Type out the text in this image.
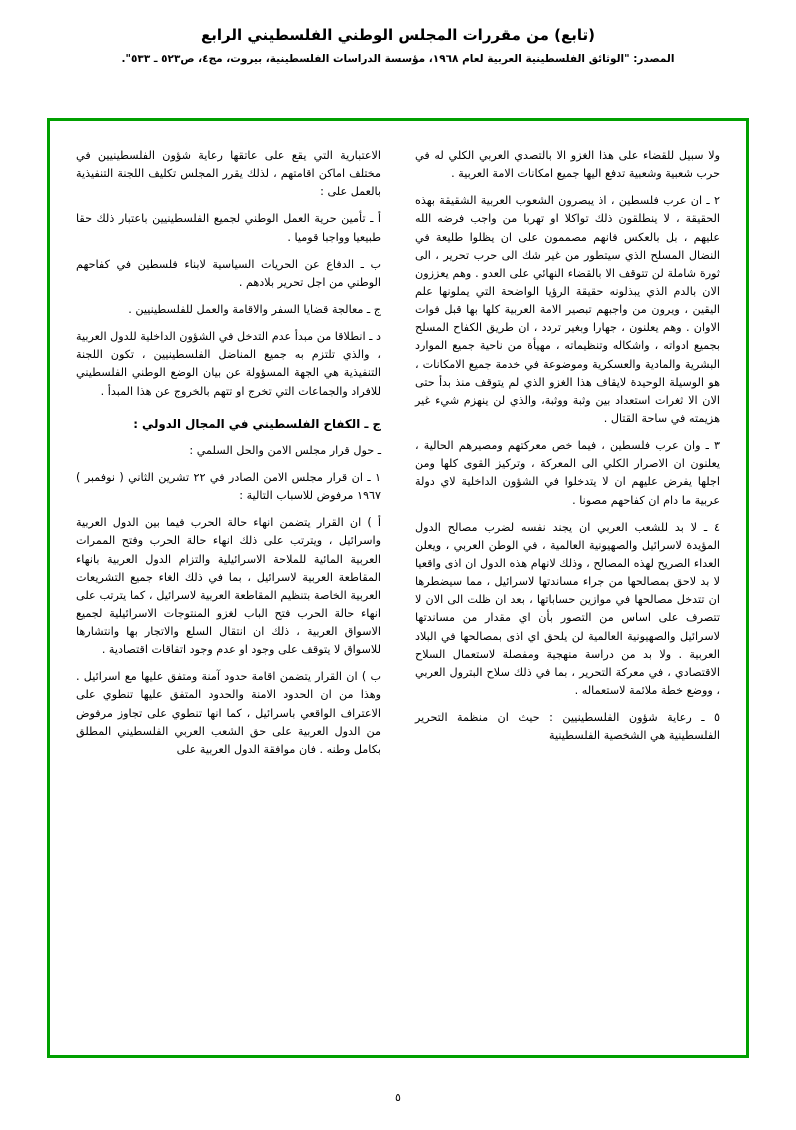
(تابع) من مقررات المجلس الوطني الفلسطيني الرابع
المصدر: "الوثائق الفلسطينية العربية لعام ١٩٦٨، مؤسسة الدراسات الفلسطينية، بيروت، مج٤، ص٥٢٣ ـ ٥٣٣".
ولا سبيل للقضاء على هذا الغزو الا بالتصدي العربي الكلي له في حرب شعبية وشعبية تدفع اليها جميع امكانات الامة العربية .
٢ ـ ان عرب فلسطين ، اذ يبصرون الشعوب العربية الشقيقة بهذه الحقيقة ، لا ينطلقون ذلك تواكلا او تهربا من واجب فرضه الله عليهم ، بل بالعكس فانهم مصممون على ان يظلوا طليعة في النضال المسلح الذي سيتطور من غير شك الى حرب تحرير ، الى ثورة شاملة لن تتوقف الا بالقضاء النهائي على العدو . وهم يعززون الان بالدم الذي يبذلونه حقيقة الرؤيا الواضحة التي يملونها علم اليقين ، ويرون من واجبهم تبصير الامة العربية كلها بها قبل فوات الاوان . وهم يعلنون ، جهارا وبغير تردد ، ان طريق الكفاح المسلح بجميع ادواته ، واشكاله وتنظيماته ، مهيأة من ناحية جميع الموارد البشرية والمادية والعسكرية وموضوعة في خدمة جميع الامكانات ، هو الوسيلة الوحيدة لايقاف هذا الغزو الذي لم يتوقف منذ بدأ حتى الان الا ثغرات استعداد بين وثبة ووثبة، والذي لن ينهزم شيء غير هزيمته في ساحة القتال .
٣ ـ وان عرب فلسطين ، فيما خص معركتهم ومصيرهم الحالية ، يعلنون ان الاصرار الكلي الى المعركة ، وتركيز القوى كلها ومن اجلها يفرض عليهم ان لا يتدخلوا في الشؤون الداخلية لاي دولة عربية ما دام ان كفاحهم مصونا .
٤ ـ لا بد للشعب العربي ان يجند نفسه لضرب مصالح الدول المؤيدة لاسرائيل والصهيونية العالمية ، في الوطن العربي ، ويعلن العداء الصريح لهذه المصالح ، وذلك لانهام هذه الدول ان اذى واقعيا لا بد لاحق بمصالحها من جراء مساندتها لاسرائيل ، مما سيضطرها ان تتدخل مصالحها في موازين حساباتها ، بعد ان ظلت الى الان لا تتصرف على اساس من التصور بأن اي مقدار من مساندتها لاسرائيل والصهيونية العالمية لن يلحق اي اذى بمصالحها في البلاد العربية . ولا بد من دراسة منهجية ومفصلة لاستعمال السلاح الاقتصادي ، في معركة التحرير ، بما في ذلك سلاح البترول العربي ، ووضع خطة ملائمة لاستعماله .
٥ ـ رعاية شؤون الفلسطينيين : حيث ان منظمة التحرير الفلسطينية هي الشخصية الفلسطينية
الاعتبارية التي يقع على عاتقها رعاية شؤون الفلسطينيين في مختلف اماكن اقامتهم ، لذلك يقرر المجلس تكليف اللجنة التنفيذية بالعمل على :
أ ـ تأمين حرية العمل الوطني لجميع الفلسطينيين باعتبار ذلك حقا طبيعيا وواجبا قوميا .
ب ـ الدفاع عن الحريات السياسية لابناء فلسطين في كفاحهم الوطني من اجل تحرير بلادهم .
ج ـ معالجة قضايا السفر والاقامة والعمل للفلسطينيين .
د ـ انطلاقا من مبدأ عدم التدخل في الشؤون الداخلية للدول العربية ، والذي تلتزم به جميع المناضل الفلسطينيين ، تكون اللجنة التنفيذية هي الجهة المسؤولة عن بيان الوضع الوطني الفلسطيني للافراد والجماعات التي تخرج او تتهم بالخروج عن هذا المبدأ .
ج ـ الكفاح الفلسطيني في المجال الدولي :
ـ حول قرار مجلس الامن والحل السلمي :
١ ـ ان قرار مجلس الامن الصادر في ٢٢ تشرين الثاني ( نوفمبر ) ١٩٦٧ مرفوض للاسباب التالية :
أ ) ان القرار يتضمن انهاء حالة الحرب فيما بين الدول العربية واسرائيل ، ويترتب على ذلك انهاء حالة الحرب وفتح الممرات العربية المائية للملاحة الاسرائيلية والتزام الدول العربية بانهاء المقاطعة العربية لاسرائيل ، بما في ذلك الغاء جميع التشريعات العربية الخاصة بتنظيم المقاطعة العربية لاسرائيل ، كما يترتب على انهاء حالة الحرب فتح الباب لغزو المنتوجات الاسرائيلية لجميع الاسواق العربية ، ذلك ان انتقال السلع والاتجار بها وانتشارها للاسواق لا يتوقف على وجود او عدم وجود اتفاقات اقتصادية .
ب ) ان القرار يتضمن اقامة حدود آمنة ومتفق عليها مع اسرائيل . وهذا من ان الحدود الامنة والحدود المتفق عليها تنطوي على الاعتراف الواقعي باسرائيل ، كما انها تنطوي على تجاوز مرفوض من الدول العربية على حق الشعب العربي الفلسطيني المطلق بكامل وطنه . فان موافقة الدول العربية على
٥
